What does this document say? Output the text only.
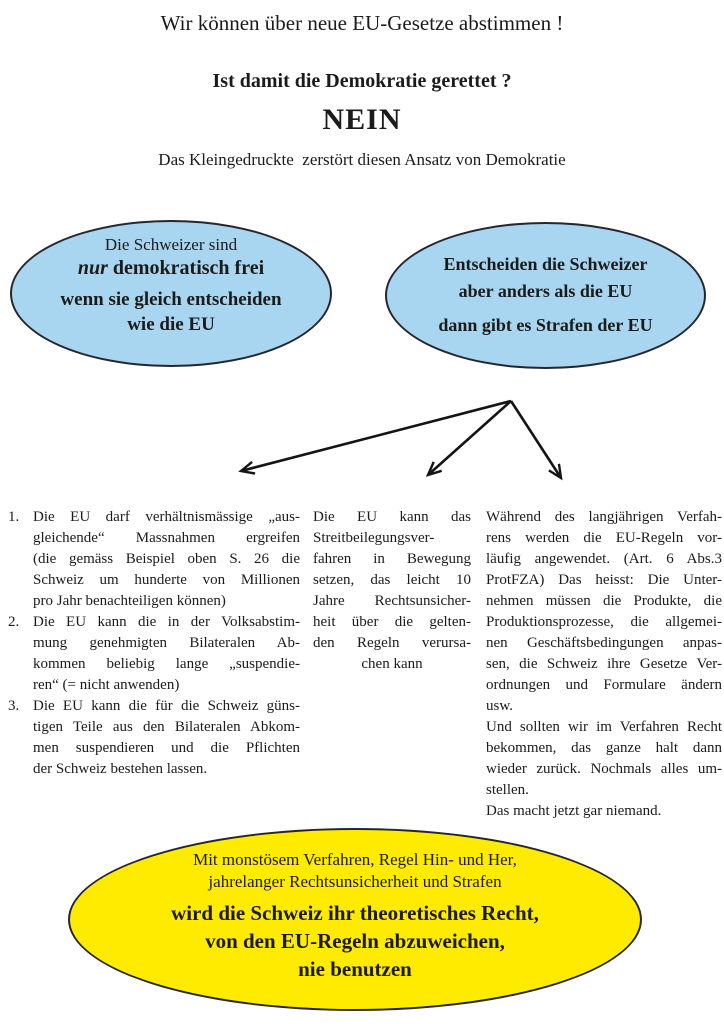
Wir können über neue EU-Gesetze abstimmen !
Ist damit die Demokratie gerettet ?
NEIN
Das Kleingedruckte  zerstört diesen Ansatz von Demokratie
Die Schweizer sind
nur demokratisch frei
wenn sie gleich entscheiden
wie die EU
Entscheiden die Schweizer
aber anders als die EU
dann gibt es Strafen der EU
1. Die EU darf verhältnismässige „aus-
gleichende“ Massnahmen ergreifen
(die gemäss Beispiel oben S. 26 die
Schweiz um hunderte von Millionen
pro Jahr benachteiligen können)
2. Die EU kann die in der Volksabstim-
mung genehmigten Bilateralen Ab-
kommen beliebig lange „suspendie-
ren“ (= nicht anwenden)
3. Die EU kann die für die Schweiz güns-
tigen Teile aus den Bilateralen Abkom-
men suspendieren und die Pflichten
der Schweiz bestehen lassen.
Die EU kann das
Streitbeilegungsver-
fahren in Bewegung
setzen, das leicht 10
Jahre Rechtsunsicher-
heit über die gelten-
den Regeln verursa-
chen kann
Während des langjährigen Verfah-
rens werden die EU-Regeln vor-
läufig angewendet. (Art. 6 Abs.3
ProtFZA) Das heisst: Die Unter-
nehmen müssen die Produkte, die
Produktionsprozesse, die allgemei-
nen Geschäftsbedingungen anpas-
sen, die Schweiz ihre Gesetze Ver-
ordnungen und Formulare ändern
usw.
Und sollten wir im Verfahren Recht
bekommen, das ganze halt dann
wieder zurück. Nochmals alles um-
stellen.
Das macht jetzt gar niemand.
Mit monstösem Verfahren, Regel Hin- und Her,
jahrelanger Rechtsunsicherheit und Strafen
wird die Schweiz ihr theoretisches Recht,
von den EU-Regeln abzuweichen,
nie benutzen
